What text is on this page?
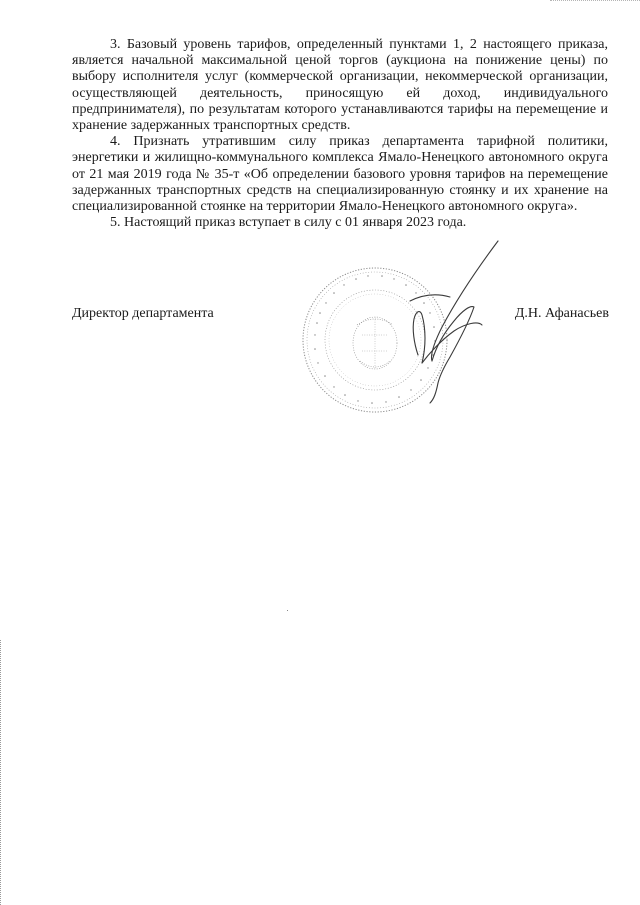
3. Базовый уровень тарифов, определенный пунктами 1, 2 настоящего приказа, является начальной максимальной ценой торгов (аукциона на понижение цены) по выбору исполнителя услуг (коммерческой организации, некоммерческой организации, осуществляющей деятельность, приносящую ей доход, индивидуального предпринимателя), по результатам которого устанавливаются тарифы на перемещение и хранение задержанных транспортных средств.

4. Признать утратившим силу приказ департамента тарифной политики, энергетики и жилищно-коммунального комплекса Ямало-Ненецкого автономного округа от 21 мая 2019 года № 35-т «Об определении базового уровня тарифов на перемещение задержанных транспортных средств на специализированную стоянку и их хранение на специализированной стоянке на территории Ямало-Ненецкого автономного округа».

5. Настоящий приказ вступает в силу с 01 января 2023 года.

Директор департамента	Д.Н. Афанасьев
